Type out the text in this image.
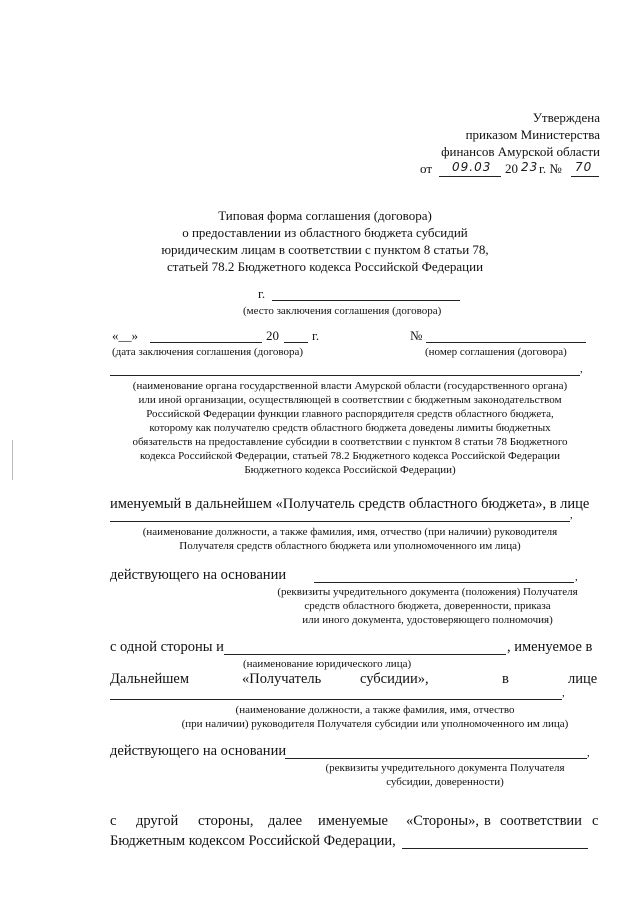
Утверждена
приказом Министерства
финансов Амурской области
от 09.03 20 23 г. № 70
Типовая форма соглашения (договора)
о предоставлении из областного бюджета субсидий
юридическим лицам в соответствии с пунктом 8 статьи 78,
статьей 78.2 Бюджетного кодекса Российской Федерации
г.
(место заключения соглашения (договора)
«__»	20	г.
(дата заключения соглашения (договора)
№
(номер соглашения (договора)
,
(наименование органа государственной власти Амурской области (государственного органа)
или иной организации, осуществляющей в соответствии с бюджетным законодательством
Российской Федерации функции главного распорядителя средств областного бюджета,
которому как получателю средств областного бюджета доведены лимиты бюджетных
обязательств на предоставление субсидии в соответствии с пунктом 8 статьи 78 Бюджетного
кодекса Российской Федерации, статьей 78.2 Бюджетного кодекса Российской Федерации
Бюджетного кодекса Российской Федерации)
именуемый в дальнейшем «Получатель средств областного бюджета», в лице
,
(наименование должности, а также фамилия, имя, отчество (при наличии) руководителя
Получателя средств областного бюджета или уполномоченного им лица)
действующего на основании	,
(реквизиты учредительного документа (положения) Получателя
средств областного бюджета, доверенности, приказа
или иного документа, удостоверяющего полномочия)
с одной стороны и	, именуемое в
(наименование юридического лица)
Дальнейшем	«Получатель	субсидии»,	в	лице
,
(наименование должности, а также фамилия, имя, отчество
(при наличии) руководителя Получателя субсидии или уполномоченного им лица)
действующего на основании	,
(реквизиты учредительного документа Получателя
субсидии, доверенности)
с другой стороны, далее именуемые «Стороны», в соответствии с
Бюджетным кодексом Российской Федерации,
